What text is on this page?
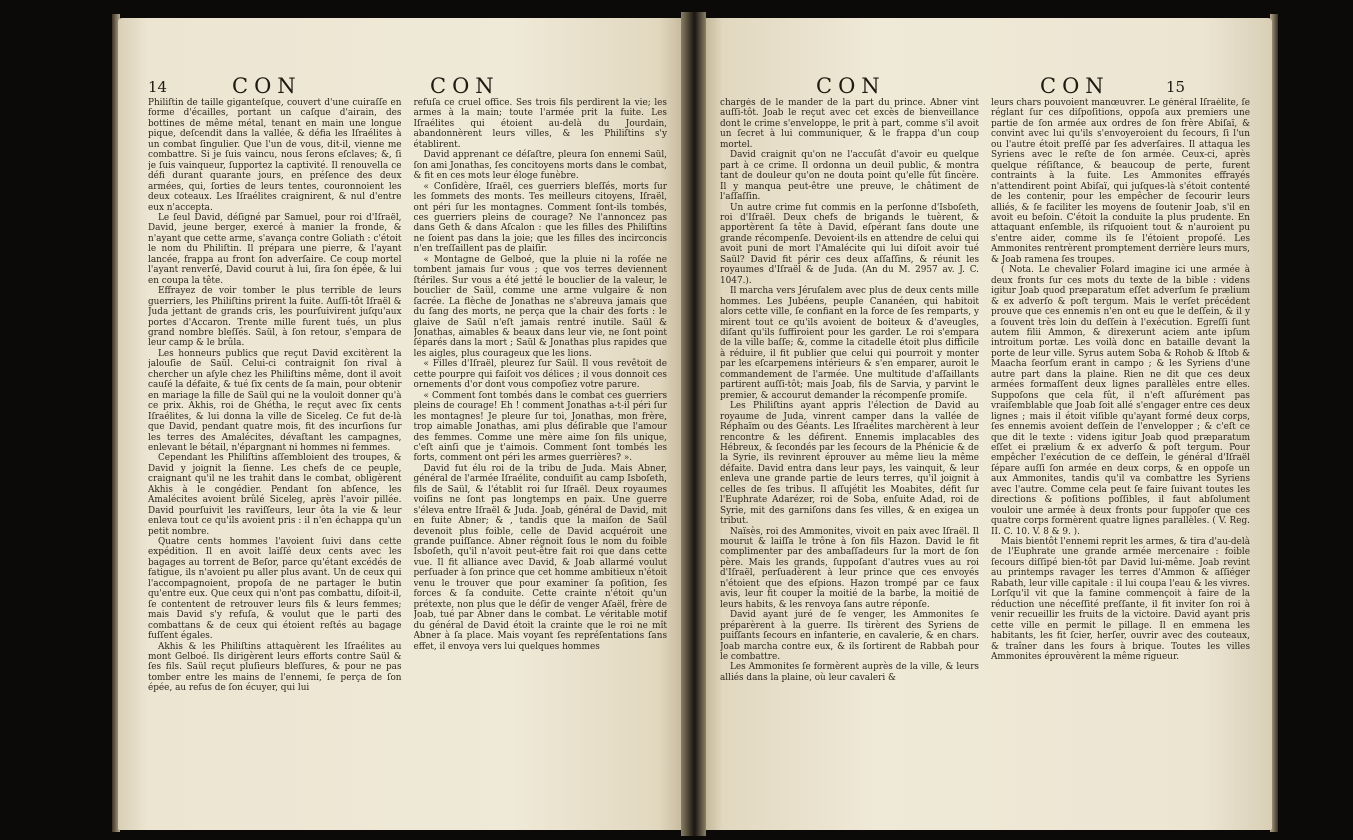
14	CON	CON

Philiſtin de taille giganteſque, couvert d'une cuiraſſe en forme d'écailles, portant un caſque d'airain, des bottines de même métal, tenant en main une longue pique, deſcendit dans la vallée, & défia les Iſraélites à un combat ſingulier. Que l'un de vous, dit-il, vienne me combattre. Si je ſuis vaincu, nous ſerons eſclaves; &, ſi je ſuis vainqueur, ſupportez la captivité. Il renouvella ce défi durant quarante jours, en préſence des deux armées, qui, ſorties de leurs tentes, couronnoient les deux coteaux. Les Iſraélites craignirent, & nul d'entre eux n'accepta.

Le ſeul David, déſigné par Samuel, pour roi d'Iſraël, David, jeune berger, exercé à manier la fronde, & n'ayant que cette arme, s'avança contre Goliath : c'étoit le nom du Philiſtin. Il prépara une pierre, & l'ayant lancée, frappa au front ſon adverſaire. Ce coup mortel l'ayant renverſé, David courut à lui, ſira ſon épée, & lui en coupa la tête.

Effrayez de voir tomber le plus terrible de leurs guerriers, les Philiſtins prirent la fuite. Auſſi-tôt Iſraël & Juda jettant de grands cris, les pourſuivirent juſqu'aux portes d'Accaron. Trente mille furent tués, un plus grand nombre bleſſés. Saül, à ſon retour, s'empara de leur camp & le brûla.

Les honneurs publics que reçut David excitèrent la jalouſie de Saül. Celui-ci contraignit ſon rival à chercher un aſyle chez les Philiſtins même, dont il avoit cauſé la défaite, & tué ſix cents de ſa main, pour obtenir en mariage la fille de Saül qui ne la vouloit donner qu'à ce prix. Akhis, roi de Ghétha, le reçut avec ſix cents Iſraélites, & lui donna la ville de Siceleg. Ce fut de-là que David, pendant quatre mois, fit des incurſions ſur les terres des Amalécites, dévaſtant les campagnes, enlevant le bétail, n'épargnant ni hommes ni femmes.

Cependant les Philiſtins aſſembloient des troupes, & David y joignit la ſienne. Les chefs de ce peuple, craignant qu'il ne les trahit dans le combat, obligèrent Akhis à le congédier. Pendant ſon abſence, les Amalécites avoient brûlé Siceleg, après l'avoir pillée. David pourſuivit les raviſſeurs, leur ôta la vie & leur enleva tout ce qu'ils avoient pris : il n'en échappa qu'un petit nombre.

Quatre cents hommes l'avoient ſuivi dans cette expédition. Il en avoit laiſſé deux cents avec les bagages au torrent de Beſor, parce qu'étant excédés de fatigue, ils n'avoient pu aller plus avant. Un de ceux qui l'accompagnoient, propoſa de ne partager le butin qu'entre eux. Que ceux qui n'ont pas combattu, diſoit-il, ſe contentent de retrouver leurs fils & leurs femmes; mais David s'y refuſa, & voulut que le parti des combattans & de ceux qui étoient reſtés au bagage fuſſent égales.

Akhis & les Philiſtins attaquèrent les Iſraélites au mont Gelboé. Ils dirigèrent leurs efforts contre Saül & ſes fils. Saül reçut pluſieurs bleſſures, & pour ne pas tomber entre les mains de l'ennemi, ſe perça de ſon épée, au refus de ſon écuyer, qui lui

refuſa ce cruel office. Ses trois fils perdirent la vie; les armes à la main; toute l'armée prit la fuite. Les Iſraélites qui étoient au-delà du Jourdain, abandonnèrent leurs villes, & les Philiſtins s'y établirent.

David apprenant ce déſaſtre, pleura ſon ennemi Saül, ſon ami Jonathas, ſes concitoyens morts dans le combat, & fit en ces mots leur éloge funèbre.

« Conſidère, Iſraël, ces guerriers bleſſés, morts ſur les ſommets des monts. Tes meilleurs citoyens, Iſraël, ont péri ſur les montagnes. Comment ſont-ils tombés, ces guerriers pleins de courage? Ne l'annoncez pas dans Geth & dans Aſcalon : que les filles des Philiſtins ne ſoient pas dans la joie; que les filles des incirconcis n'en treſſaillent pas de plaiſir.

« Montagne de Gelboé, que la pluie ni la roſée ne tombent jamais ſur vous ; que vos terres deviennent ſtériles. Sur vous a été jetté le bouclier de la valeur, le bouclier de Saül, comme une arme vulgaire & non ſacrée. La flèche de Jonathas ne s'abreuva jamais que du ſang des morts, ne perça que la chair des forts : le glaive de Saül n'eſt jamais rentré inutile. Saül & Jonathas, aimables & beaux dans leur vie, ne ſont point ſéparés dans la mort ; Saül & Jonathas plus rapides que les aigles, plus courageux que les lions.

« Filles d'Iſraël, pleurez ſur Saül. Il vous revêtoit de cette pourpre qui faiſoit vos délices ; il vous donnoit ces ornements d'or dont vous compoſiez votre parure.

« Comment ſont tombés dans le combat ces guerriers pleins de courage! Eh ! comment Jonathas a-t-il péri ſur les montagnes! Je pleure ſur toi, Jonathas, mon frère, trop aimable Jonathas, ami plus déſirable que l'amour des femmes. Comme une mère aime ſon fils unique, c'eſt ainſi que je t'aimois. Comment ſont tombés les forts, comment ont péri les armes guerrières? ».

David fut élu roi de la tribu de Juda. Mais Abner, général de l'armée Iſraélite, conduiſit au camp Isboſeth, fils de Saül, & l'établit roi ſur Iſraël. Deux royaumes voiſins ne ſont pas longtemps en paix. Une guerre s'éleva entre Iſraël & Juda. Joab, général de David, mit en fuite Abner; & , tandis que la maiſon de Saül devenoit plus foible, celle de David acquéroit une grande puiſſance. Abner régnoit ſous le nom du foible Isboſeth, qu'il n'avoit peut-être fait roi que dans cette vue. Il fit alliance avec David, & Joab allarmé voulut perſuader à ſon prince que cet homme ambitieux n'étoit venu le trouver que pour examiner ſa poſition, ſes forces & ſa conduite. Cette crainte n'étoit qu'un prétexte, non plus que le déſir de venger Aſaël, frère de Joab, tué par Abner dans le combat. Le véritable motif du général de David étoit la crainte que le roi ne mît Abner à ſa place. Mais voyant ſes repréſentations ſans effet, il envoya vers lui quelques hommes

CON	CON	15

chargés de le mander de la part du prince. Abner vint auſſi-tôt. Joab le reçut avec cet excès de bienveillance dont le crime s'enveloppe, le prit à part, comme s'il avoit un ſecret à lui communiquer, & le frappa d'un coup mortel.

David craignit qu'on ne l'accuſât d'avoir eu quelque part à ce crime. Il ordonna un deuil public, & montra tant de douleur qu'on ne douta point qu'elle fût ſincère. Il y manqua peut-être une preuve, le châtiment de l'aſſaſſin.

Un autre crime fut commis en la perſonne d'Isboſeth, roi d'Iſraël. Deux chefs de brigands le tuèrent, & apportèrent ſa tête à David, eſpérant ſans doute une grande récompenſe. Devoient-ils en attendre de celui qui avoit puni de mort l'Amalécite qui lui diſoit avoir tué Saül? David fit périr ces deux aſſaſſins, & réunit les royaumes d'Iſraël & de Juda. (An du M. 2957 av. J. C. 1047.).

Il marcha vers Jéruſalem avec plus de deux cents mille hommes. Les Jubéens, peuple Cananéen, qui habitoit alors cette ville, ſe confiant en la force de ſes remparts, y mirent tout ce qu'ils avoient de boiteux & d'aveugles, diſant qu'ils ſuffiroient pour les garder. Le roi s'empara de la ville baſſe; &, comme la citadelle étoit plus difficile à réduire, il fit publier que celui qui pourroit y monter par les eſcarpemens intérieurs & s'en emparer, auroit le commandement de l'armée. Une multitude d'aſſaillants partirent auſſi-tôt; mais Joab, fils de Sarvia, y parvint le premier, & accourut demander la récompenſe promiſe.

Les Philiſtins ayant appris l'élection de David au royaume de Juda, vinrent camper dans la vallée de Réphaïm ou des Géants. Les Iſraélites marchèrent à leur rencontre & les défirent. Ennemis implacables des Hébreux, & ſecondés par les ſecours de la Phénicie & de la Syrie, ils revinrent éprouver au même lieu la même défaite. David entra dans leur pays, les vainquit, & leur enleva une grande partie de leurs terres, qu'il joignit à celles de ſes tribus. Il aſſujétit les Moabites, défit ſur l'Euphrate Adarézer, roi de Soba, enſuite Adad, roi de Syrie, mit des garniſons dans ſes villes, & en exigea un tribut.

Naïsès, roi des Ammonites, vivoit en paix avec Iſraël. Il mourut & laiſſa le trône à ſon fils Hazon. David le fit complimenter par des ambaſſadeurs ſur la mort de ſon père. Mais les grands, ſuppoſant d'autres vues au roi d'Iſraël, perſuadèrent à leur prince que ces envoyés n'étoient que des eſpions. Hazon trompé par ce faux avis, leur fit couper la moitié de la barbe, la moitié de leurs habits, & les renvoya ſans autre réponſe.

David ayant juré de ſe venger, les Ammonites ſe préparèrent à la guerre. Ils tirèrent des Syriens de puiſſants ſecours en infanterie, en cavalerie, & en chars. Joab marcha contre eux, & ils ſortirent de Rabbah pour le combattre.

Les Ammonites ſe formèrent auprès de la ville, & leurs alliés dans la plaine, où leur cavaleri &

leurs chars pouvoient manœuvrer. Le général Iſraélite, ſe réglant ſur ces diſpoſitions, oppoſa aux premiers une partie de ſon armée aux ordres de ſon frère Abiſaï, & convint avec lui qu'ils s'envoyeroient du ſecours, ſi l'un ou l'autre étoit preſſé par ſes adverſaires. Il attaqua les Syriens avec le reſte de ſon armée. Ceux-ci, après quelque réſiſtance, & beaucoup de perte, furent contraints à la fuite. Les Ammonites effrayés n'attendirent point Abiſaï, qui juſques-là s'étoit contenté de les contenir, pour les empêcher de ſecourir leurs alliés, & ſe faciliter les moyens de ſoutenir Joab, s'il en avoit eu beſoin. C'étoit la conduite la plus prudente. En attaquant enſemble, ils riſquoient tout & n'auroient pu s'entre aider, comme ils ſe l'étoient propoſé. Les Ammonites rentrèrent promptement derrière leurs murs, & Joab ramena ſes troupes.

( Nota. Le chevalier Folard imagine ici une armée à deux fronts ſur ces mots du texte de la bible : videns igitur Joab quod præparatum eſſet adverſum ſe prælium & ex adverſo & poſt tergum. Mais le verſet précédent prouve que ces ennemis n'en ont eu que le deſſein, & il y a ſouvent très loin du deſſein à l'exécution. Egreſſi ſunt autem filii Ammon, & direxerunt aciem ante ipſum introitum portæ. Les voilà donc en bataille devant la porte de leur ville. Syrus autem Soba & Rohob & Iſtob & Maacha ſeorſum erant in campo ; & les Syriens d'une autre part dans la plaine. Rien ne dit que ces deux armées formaſſent deux lignes parallèles entre elles. Suppoſons que cela fût, il n'eſt aſſurément pas vraiſemblable que Joab ſoit allé s'engager entre ces deux lignes ; mais il étoit viſible qu'ayant formé deux corps, ſes ennemis avoient deſſein de l'envelopper ; & c'eſt ce que dit le texte : videns igitur Joab quod præparatum eſſet ei prælium & ex adverſo & poſt tergum. Pour empêcher l'exécution de ce deſſein, le général d'Iſraël ſépare auſſi ſon armée en deux corps, & en oppoſe un aux Ammonites, tandis qu'il va combattre les Syriens avec l'autre. Comme cela peut ſe faire ſuivant toutes les directions & poſitions poſſibles, il faut abſolument vouloir une armée à deux fronts pour ſuppoſer que ces quatre corps formèrent quatre lignes parallèles. ( V. Reg. II. C. 10. V. 8 & 9. ).

Mais bientôt l'ennemi reprit les armes, & tira d'au-delà de l'Euphrate une grande armée mercenaire : foible ſecours diſſipé bien-tôt par David lui-même. Joab revint au printemps ravager les terres d'Ammon & aſſiéger Rabath, leur ville capitale : il lui coupa l'eau & les vivres. Lorſqu'il vit que la famine commençoit à faire de la réduction une néceſſité preſſante, il fit inviter ſon roi à venir recueillir les fruits de la victoire. David ayant pris cette ville en permit le pillage. Il en emmena les habitants, les fit ſcier, herſer, ouvrir avec des couteaux, & traîner dans les fours à brique. Toutes les villes Ammonites éprouvèrent la même rigueur.
